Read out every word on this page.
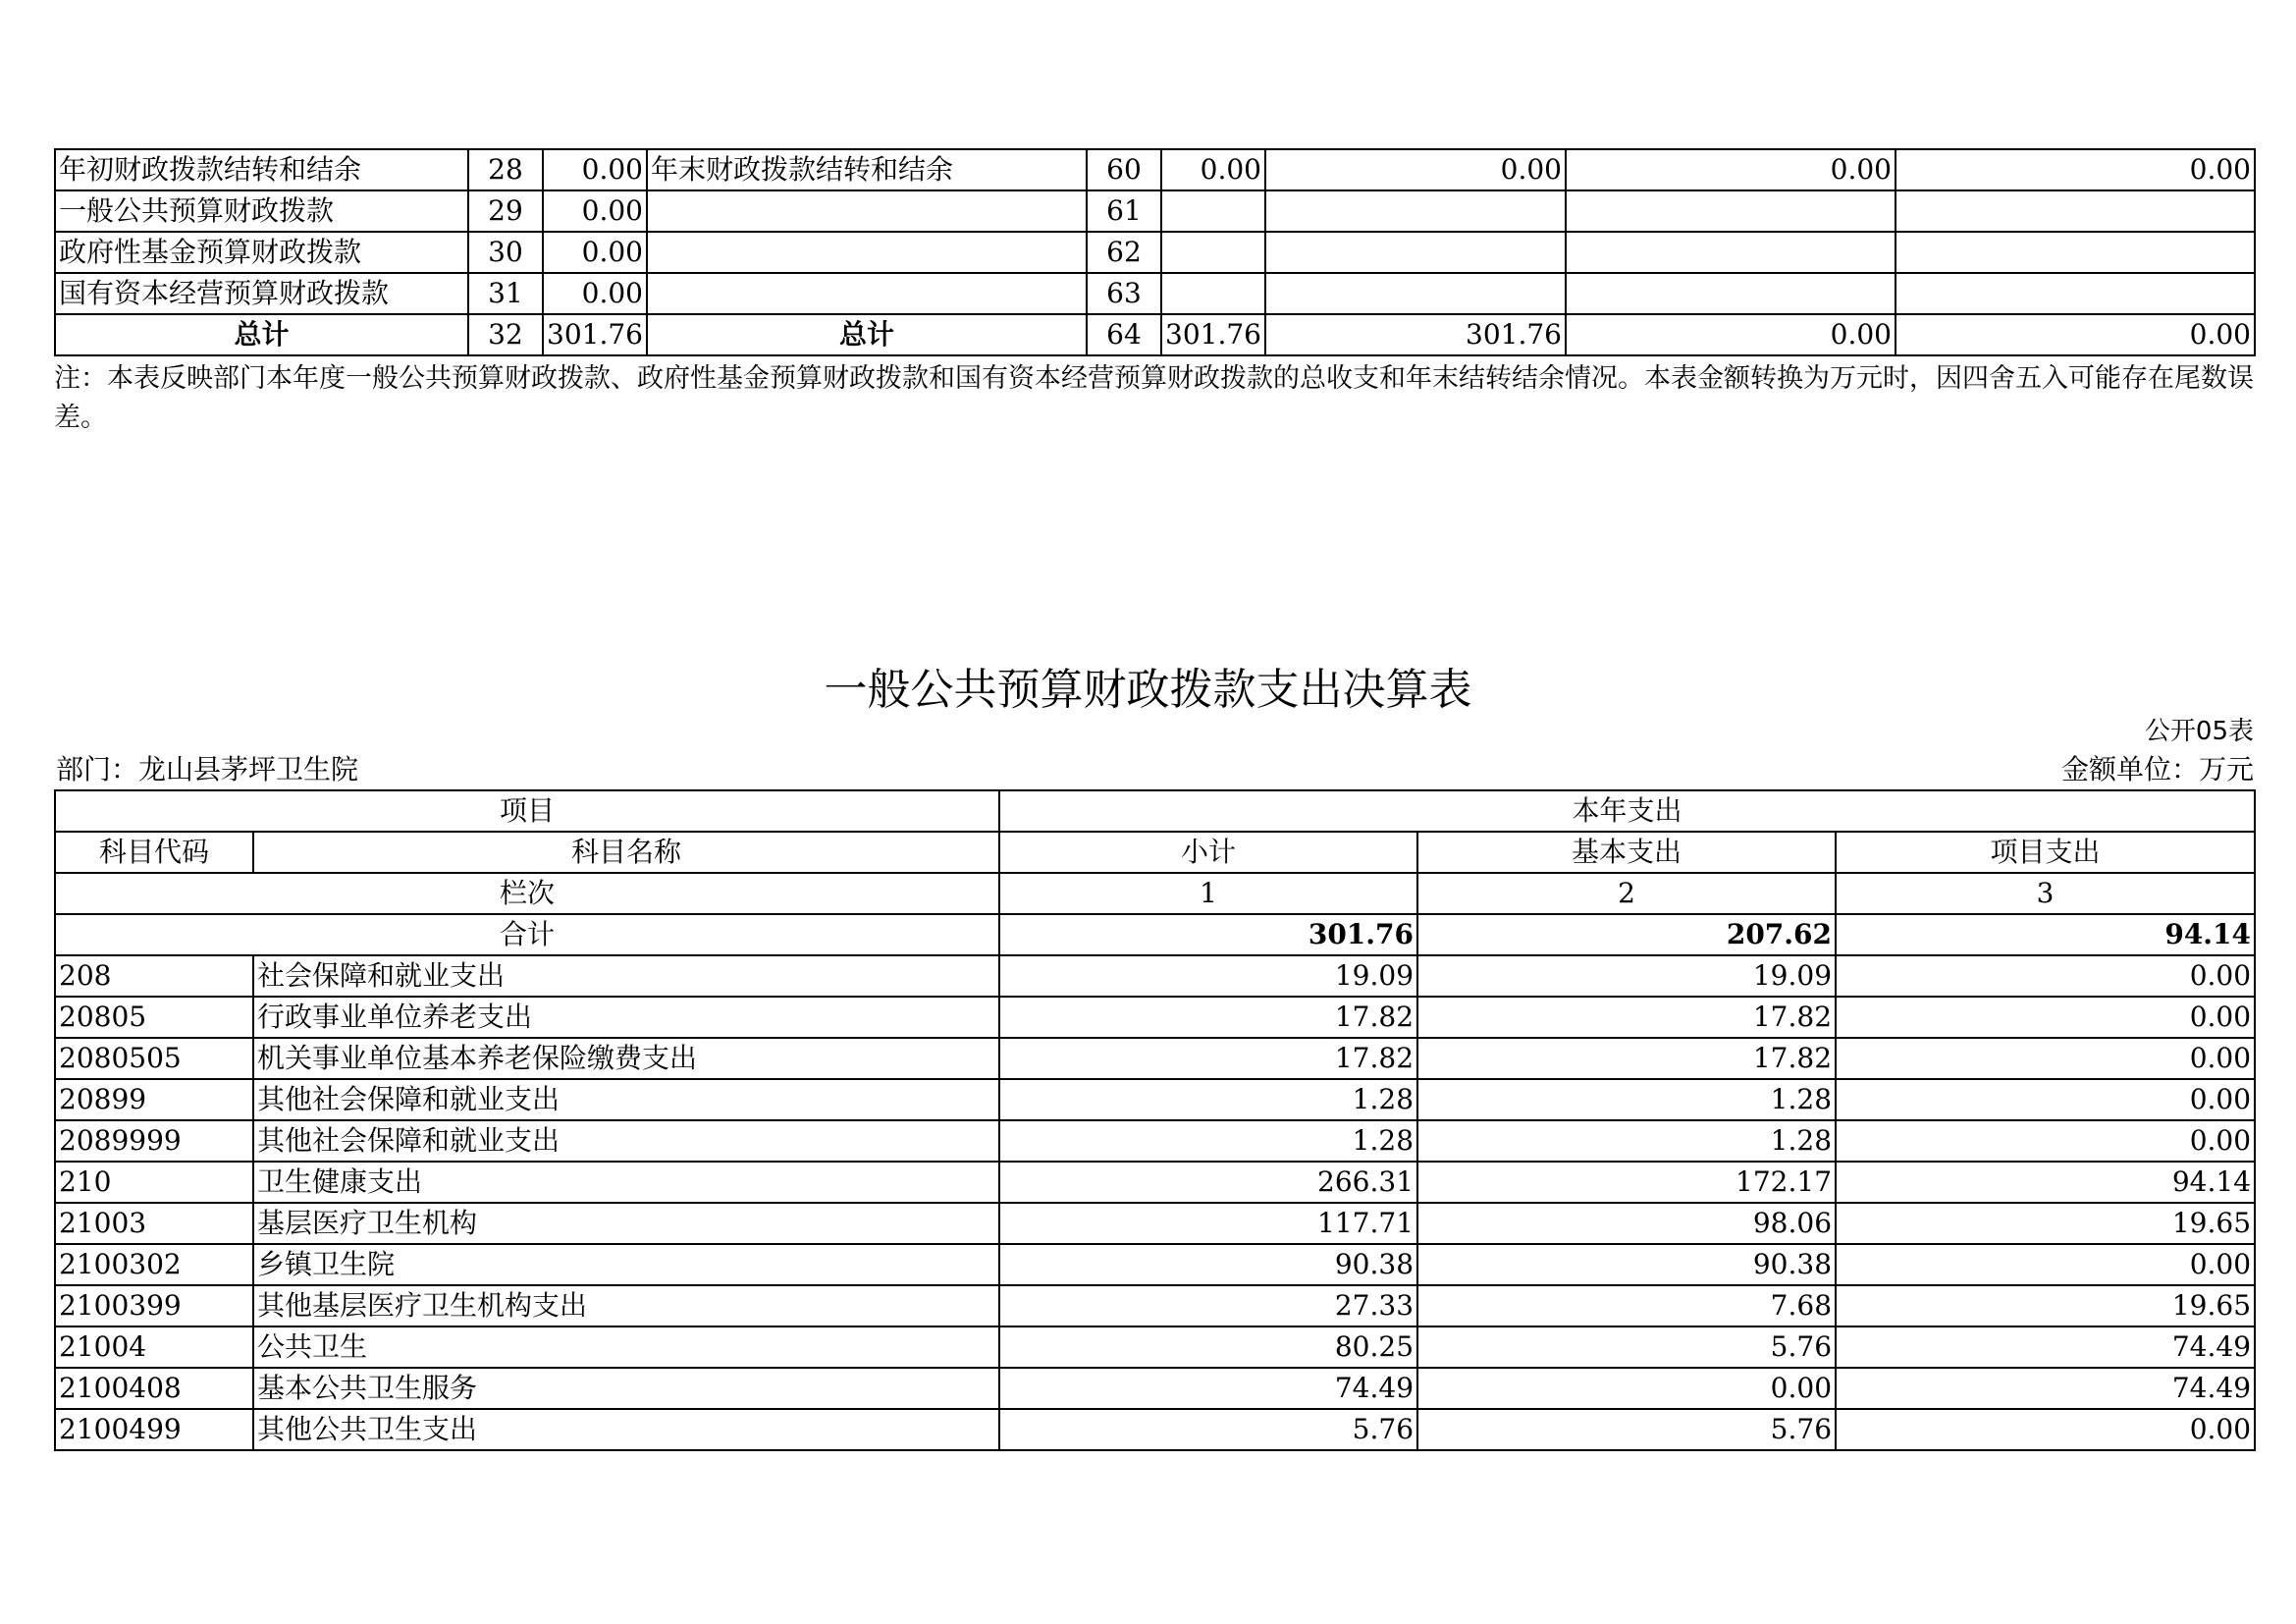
年初财政拨款结转和结余	28	0.00	年末财政拨款结转和结余	60	0.00	0.00	0.00	0.00
一般公共预算财政拨款	29	0.00		61				
政府性基金预算财政拨款	30	0.00		62				
国有资本经营预算财政拨款	31	0.00		63				
总计	32	301.76	总计	64	301.76	301.76	0.00	0.00
注：本表反映部门本年度一般公共预算财政拨款、政府性基金预算财政拨款和国有资本经营预算财政拨款的总收支和年末结转结余情况。本表金额转换为万元时，因四舍五入可能存在尾数误差。
一般公共预算财政拨款支出决算表
公开05表
部门：龙山县茅坪卫生院	金额单位：万元
项目		本年支出		
科目代码	科目名称	小计	基本支出	项目支出
栏次		1	2	3
合计		301.76	207.62	94.14
208	社会保障和就业支出	19.09	19.09	0.00
20805	行政事业单位养老支出	17.82	17.82	0.00
2080505	机关事业单位基本养老保险缴费支出	17.82	17.82	0.00
20899	其他社会保障和就业支出	1.28	1.28	0.00
2089999	其他社会保障和就业支出	1.28	1.28	0.00
210	卫生健康支出	266.31	172.17	94.14
21003	基层医疗卫生机构	117.71	98.06	19.65
2100302	乡镇卫生院	90.38	90.38	0.00
2100399	其他基层医疗卫生机构支出	27.33	7.68	19.65
21004	公共卫生	80.25	5.76	74.49
2100408	基本公共卫生服务	74.49	0.00	74.49
2100499	其他公共卫生支出	5.76	5.76	0.00
